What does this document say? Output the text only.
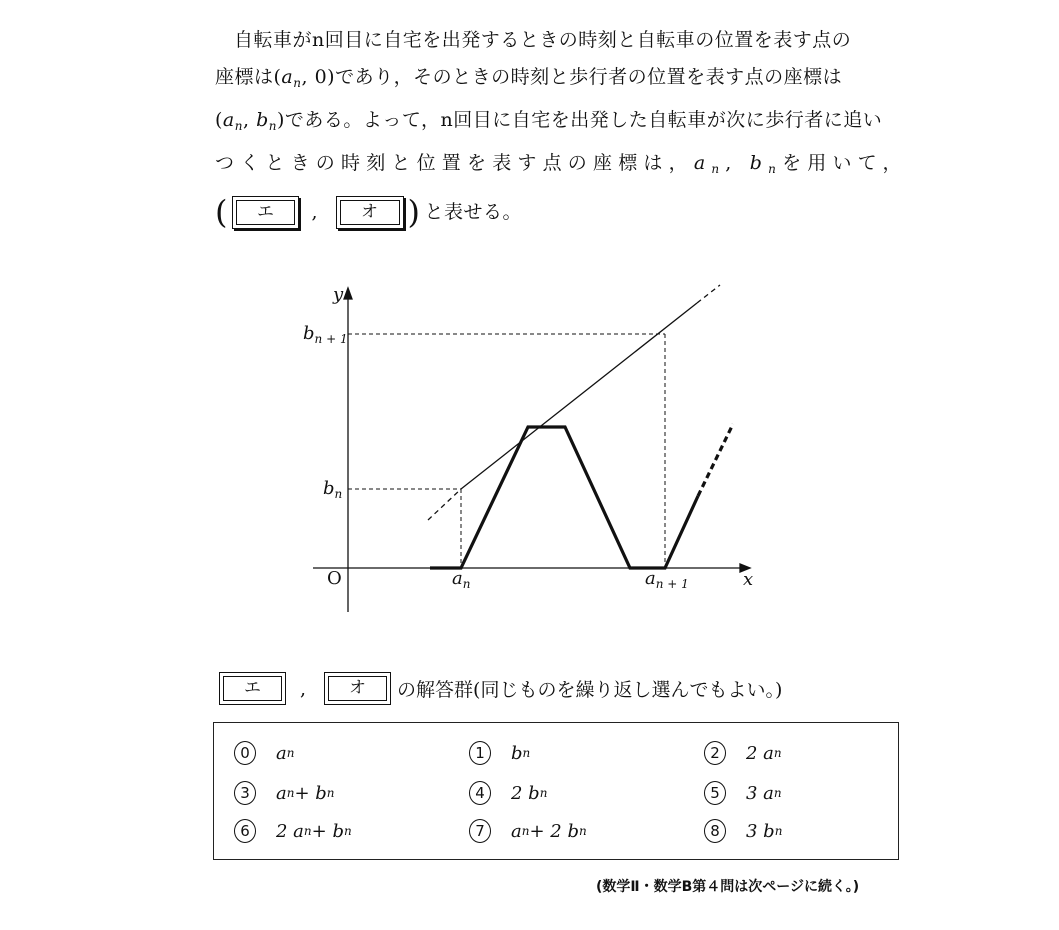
自転車がn回目に自宅を出発するときの時刻と自転車の位置を表す点の
座標は($a_n$, 0)であり，そのときの時刻と歩行者の位置を表す点の座標は
($a_n$, $b_n$)である。よって，n回目に自宅を出発した自転車が次に歩行者に追い
つくときの時刻と位置を表す点の座標は，$a_n$, $b_n$を用いて，
(	エ	,	オ ) と表せる。
y
x
O
$b_{n + 1}$
$b_n$
$a_n$	$a_{n + 1}$
エ	,	オ	の解答群(同じものを繰り返し選んでもよい。)
0	a n	1	b n	2	2 a n
3	a n + b n	4	2 b n	5	3 a n
6	2 a n + b n	7	a n + 2 b n	8	3 b n
(数学Ⅱ・数学B第４問は次ページに続く。)
